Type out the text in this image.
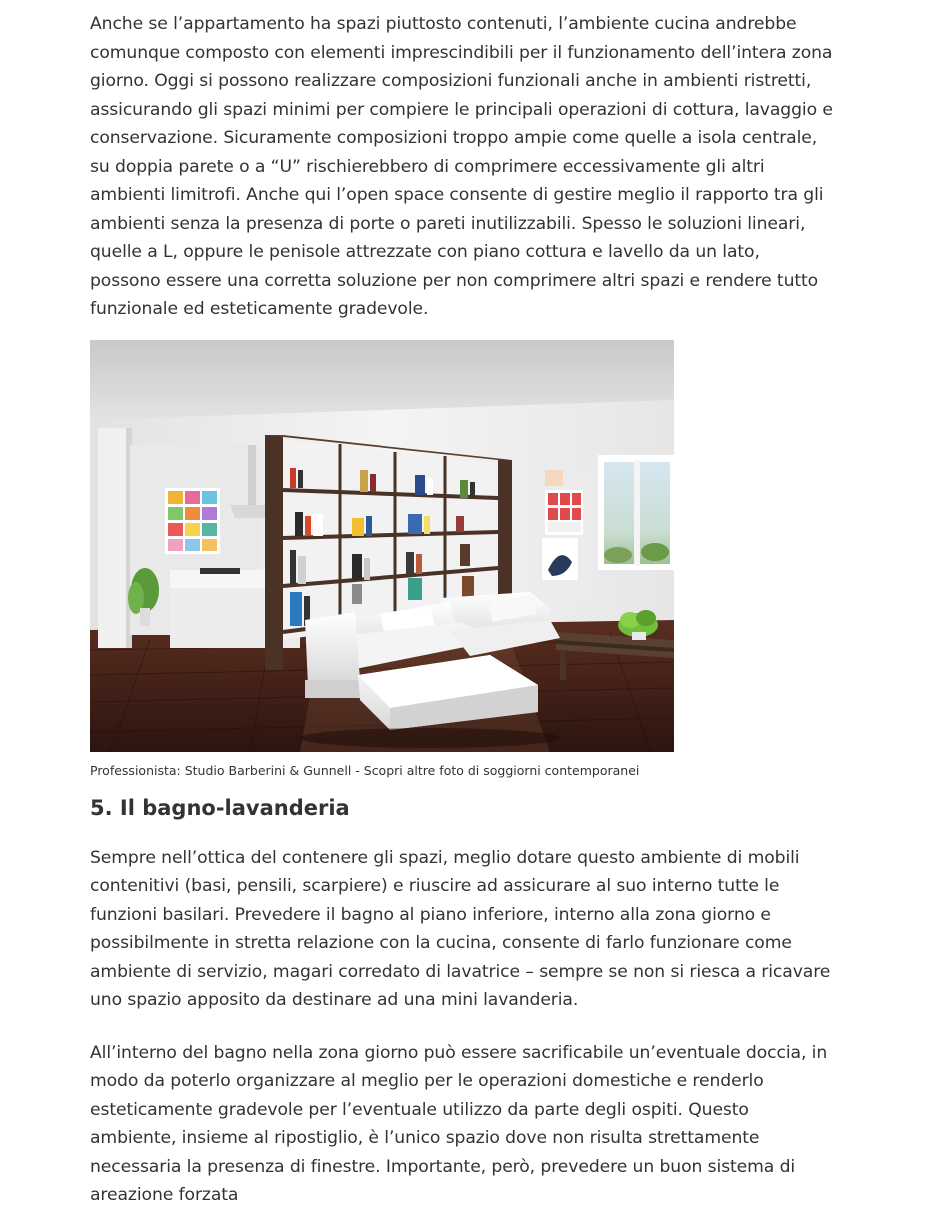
Anche se l’appartamento ha spazi piuttosto contenuti, l’ambiente cucina andrebbe comunque composto con elementi imprescindibili per il funzionamento dell’intera zona giorno. Oggi si possono realizzare composizioni funzionali anche in ambienti ristretti, assicurando gli spazi minimi per compiere le principali operazioni di cottura, lavaggio e conservazione. Sicuramente composizioni troppo ampie come quelle a isola centrale, su doppia parete o a “U” rischierebbero di comprimere eccessivamente gli altri ambienti limitrofi. Anche qui l’open space consente di gestire meglio il rapporto tra gli ambienti senza la presenza di porte o pareti inutilizzabili. Spesso le soluzioni lineari, quelle a L, oppure le penisole attrezzate con piano cottura e lavello da un lato, possono essere una corretta soluzione per non comprimere altri spazi e rendere tutto funzionale ed esteticamente gradevole.

Professionista: Studio Barberini & Gunnell - Scopri altre foto di soggiorni contemporanei

5. Il bagno-lavanderia

Sempre nell’ottica del contenere gli spazi, meglio dotare questo ambiente di mobili contenitivi (basi, pensili, scarpiere) e riuscire ad assicurare al suo interno tutte le funzioni basilari. Prevedere il bagno al piano inferiore, interno alla zona giorno e possibilmente in stretta relazione con la cucina, consente di farlo funzionare come ambiente di servizio, magari corredato di lavatrice – sempre se non si riesca a ricavare uno spazio apposito da destinare ad una mini lavanderia.

All’interno del bagno nella zona giorno può essere sacrificabile un’eventuale doccia, in modo da poterlo organizzare al meglio per le operazioni domestiche e renderlo esteticamente gradevole per l’eventuale utilizzo da parte degli ospiti. Questo ambiente, insieme al ripostiglio, è l’unico spazio dove non risulta strettamente necessaria la presenza di finestre. Importante, però, prevedere un buon sistema di areazione forzata
